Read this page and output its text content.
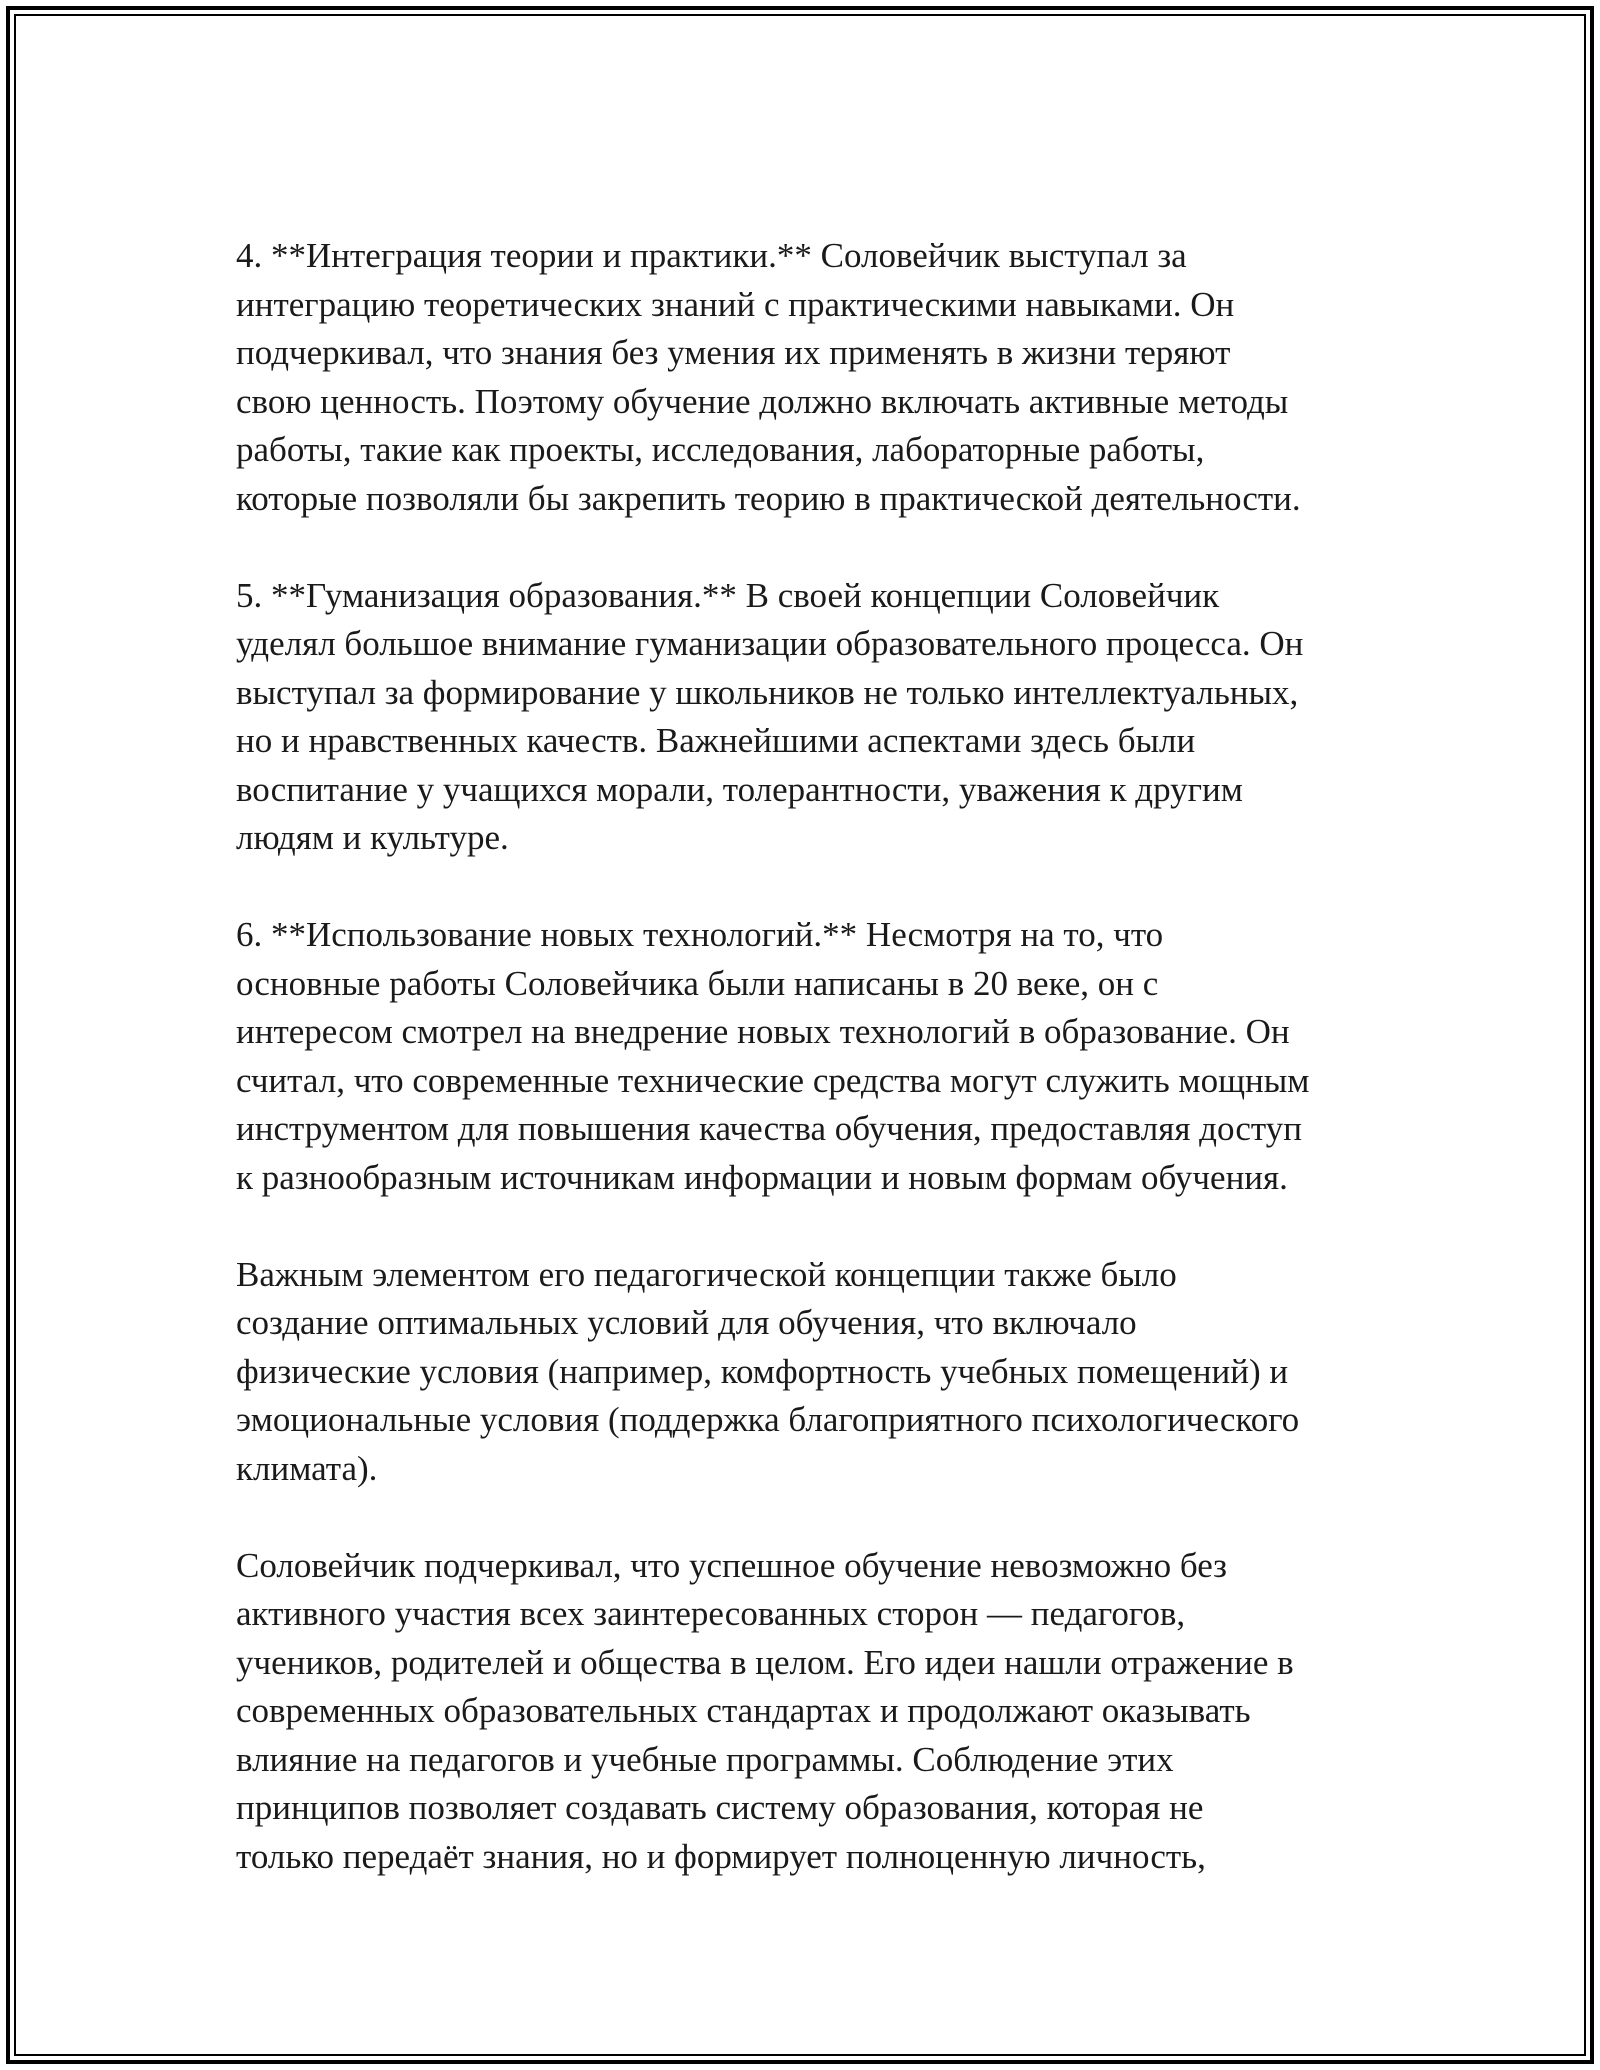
4. **Интеграция теории и практики.** Соловейчик выступал за
интеграцию теоретических знаний с практическими навыками. Он
подчеркивал, что знания без умения их применять в жизни теряют
свою ценность. Поэтому обучение должно включать активные методы
работы, такие как проекты, исследования, лабораторные работы,
которые позволяли бы закрепить теорию в практической деятельности.

5. **Гуманизация образования.** В своей концепции Соловейчик
уделял большое внимание гуманизации образовательного процесса. Он
выступал за формирование у школьников не только интеллектуальных,
но и нравственных качеств. Важнейшими аспектами здесь были
воспитание у учащихся морали, толерантности, уважения к другим
людям и культуре.

6. **Использование новых технологий.** Несмотря на то, что
основные работы Соловейчика были написаны в 20 веке, он с
интересом смотрел на внедрение новых технологий в образование. Он
считал, что современные технические средства могут служить мощным
инструментом для повышения качества обучения, предоставляя доступ
к разнообразным источникам информации и новым формам обучения.

Важным элементом его педагогической концепции также было
создание оптимальных условий для обучения, что включало
физические условия (например, комфортность учебных помещений) и
эмоциональные условия (поддержка благоприятного психологического
климата).

Соловейчик подчеркивал, что успешное обучение невозможно без
активного участия всех заинтересованных сторон — педагогов,
учеников, родителей и общества в целом. Его идеи нашли отражение в
современных образовательных стандартах и продолжают оказывать
влияние на педагогов и учебные программы. Соблюдение этих
принципов позволяет создавать систему образования, которая не
только передаёт знания, но и формирует полноценную личность,
